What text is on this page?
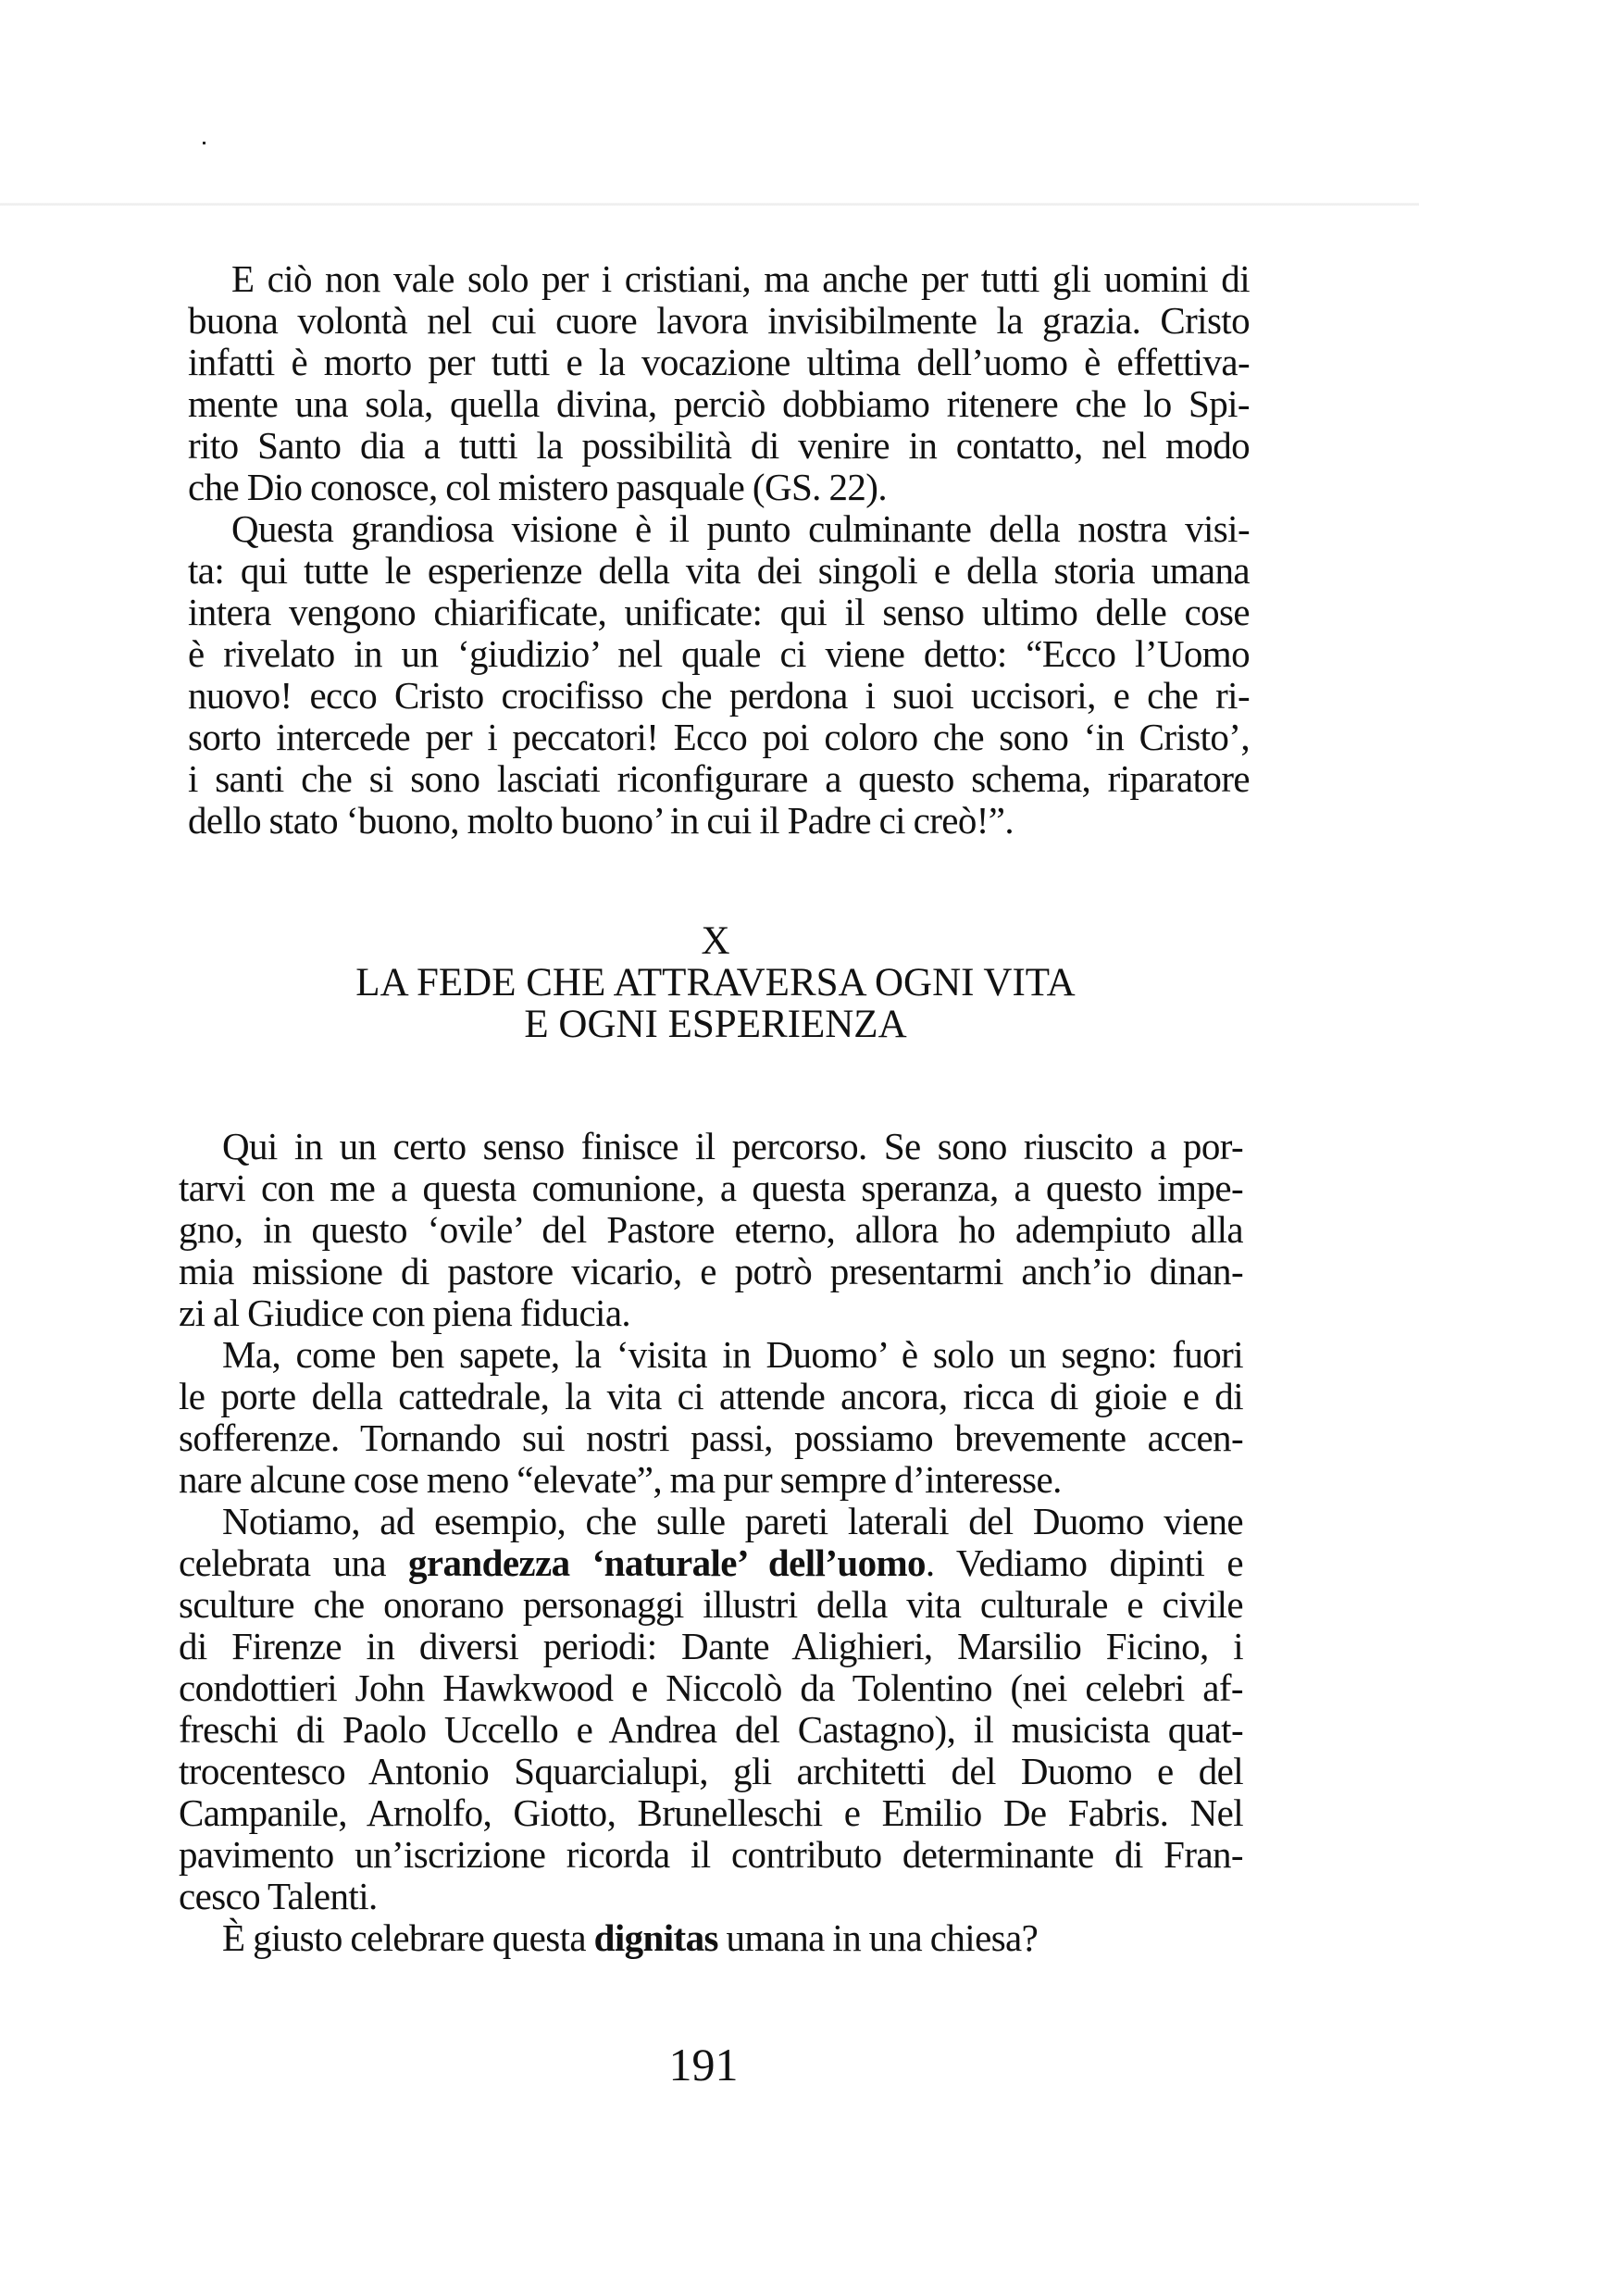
E ciò non vale solo per i cristiani, ma anche per tutti gli uomini di
buona volontà nel cui cuore lavora invisibilmente la grazia. Cristo
infatti è morto per tutti e la vocazione ultima dell’uomo è effettiva-
mente una sola, quella divina, perciò dobbiamo ritenere che lo Spi-
rito Santo dia a tutti la possibilità di venire in contatto, nel modo
che Dio conosce, col mistero pasquale (GS. 22).
Questa grandiosa visione è il punto culminante della nostra visi-
ta: qui tutte le esperienze della vita dei singoli e della storia umana
intera vengono chiarificate, unificate: qui il senso ultimo delle cose
è rivelato in un ‘giudizio’ nel quale ci viene detto: “Ecco l’Uomo
nuovo! ecco Cristo crocifisso che perdona i suoi uccisori, e che ri-
sorto intercede per i peccatori! Ecco poi coloro che sono ‘in Cristo’,
i santi che si sono lasciati riconfigurare a questo schema, riparatore
dello stato ‘buono, molto buono’ in cui il Padre ci creò!”.
X
LA FEDE CHE ATTRAVERSA OGNI VITA
E OGNI ESPERIENZA
Qui in un certo senso finisce il percorso. Se sono riuscito a por-
tarvi con me a questa comunione, a questa speranza, a questo impe-
gno, in questo ‘ovile’ del Pastore eterno, allora ho adempiuto alla
mia missione di pastore vicario, e potrò presentarmi anch’io dinan-
zi al Giudice con piena fiducia.
Ma, come ben sapete, la ‘visita in Duomo’ è solo un segno: fuori
le porte della cattedrale, la vita ci attende ancora, ricca di gioie e di
sofferenze. Tornando sui nostri passi, possiamo brevemente accen-
nare alcune cose meno “elevate”, ma pur sempre d’interesse.
Notiamo, ad esempio, che sulle pareti laterali del Duomo viene
celebrata una grandezza ‘naturale’ dell’uomo. Vediamo dipinti e
sculture che onorano personaggi illustri della vita culturale e civile
di Firenze in diversi periodi: Dante Alighieri, Marsilio Ficino, i
condottieri John Hawkwood e Niccolò da Tolentino (nei celebri af-
freschi di Paolo Uccello e Andrea del Castagno), il musicista quat-
trocentesco Antonio Squarcialupi, gli architetti del Duomo e del
Campanile, Arnolfo, Giotto, Brunelleschi e Emilio De Fabris. Nel
pavimento un’iscrizione ricorda il contributo determinante di Fran-
cesco Talenti.
È giusto celebrare questa dignitas umana in una chiesa?
191
